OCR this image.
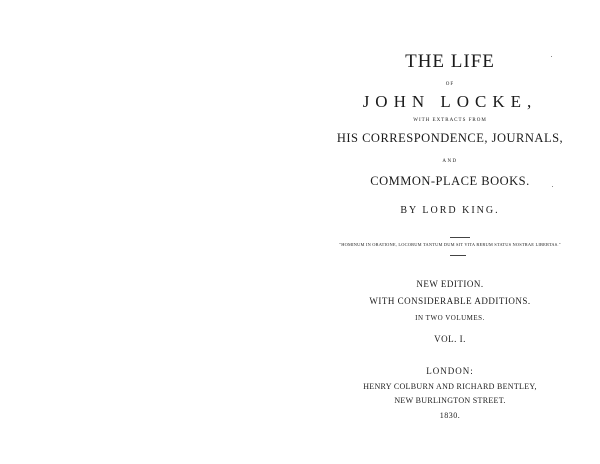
THE LIFE
OF
JOHN LOCKE,
WITH EXTRACTS FROM
HIS CORRESPONDENCE, JOURNALS,
AND
COMMON-PLACE BOOKS.
BY LORD KING.
"HOMINUM IN ORATIONE, LOCORUM TANTUM DUM SIT VITA RERUM STATUS NOSTRAE LIBERTAS."
NEW EDITION.
WITH CONSIDERABLE ADDITIONS.
IN TWO VOLUMES.
VOL. I.
LONDON:
HENRY COLBURN AND RICHARD BENTLEY,
NEW BURLINGTON STREET.
1830.
